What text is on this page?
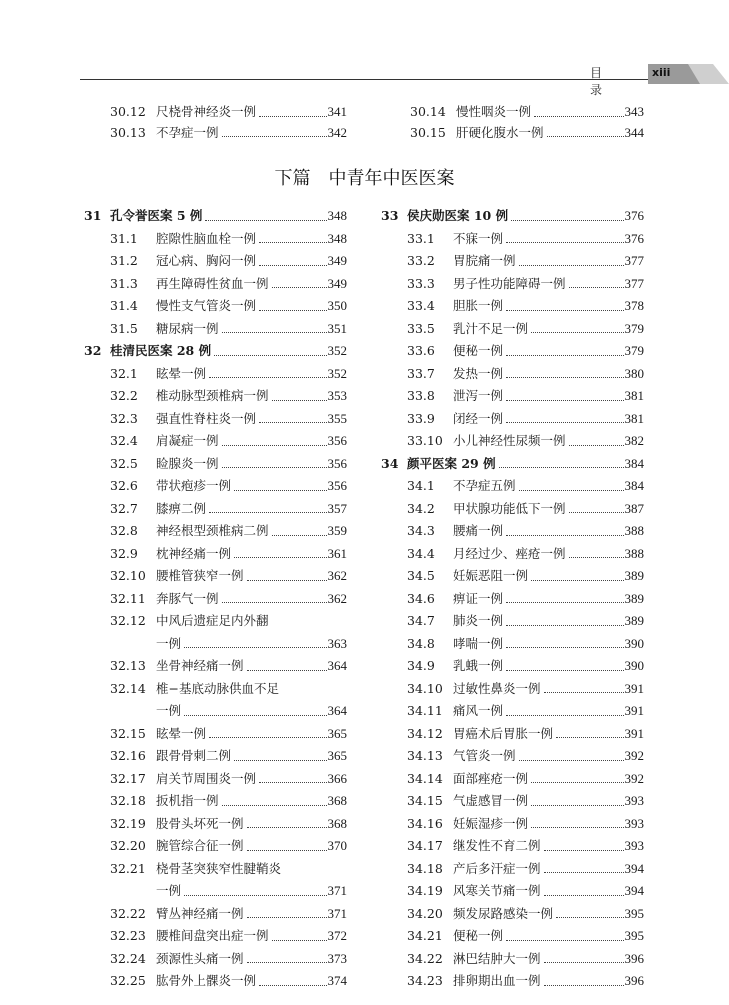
目 录
xiii
30.12 尺桡骨神经炎一例	341
30.13 不孕症一例	342
30.14 慢性咽炎一例	343
30.15 肝硬化腹水一例	344
下篇　中青年中医医案
31 孔令誉医案 5 例	348
31.1 腔隙性脑血栓一例	348
31.2 冠心病、胸闷一例	349
31.3 再生障碍性贫血一例	349
31.4 慢性支气管炎一例	350
31.5 糖尿病一例	351
32 桂清民医案 28 例	352
32.1 眩晕一例	352
32.2 椎动脉型颈椎病一例	353
32.3 强直性脊柱炎一例	355
32.4 肩凝症一例	356
32.5 睑腺炎一例	356
32.6 带状疱疹一例	356
32.7 膝痹二例	357
32.8 神经根型颈椎病二例	359
32.9 枕神经痛一例	361
32.10 腰椎管狭窄一例	362
32.11 奔豚气一例	362
32.12 中风后遗症足内外翻
一例	363
32.13 坐骨神经痛一例	364
32.14 椎−基底动脉供血不足
一例	364
32.15 眩晕一例	365
32.16 跟骨骨刺二例	365
32.17 肩关节周围炎一例	366
32.18 扳机指一例	368
32.19 股骨头坏死一例	368
32.20 腕管综合征一例	370
32.21 桡骨茎突狭窄性腱鞘炎
一例	371
32.22 臂丛神经痛一例	371
32.23 腰椎间盘突出症一例	372
32.24 颈源性头痛一例	373
32.25 肱骨外上髁炎一例	374
33 侯庆勋医案 10 例	376
33.1 不寐一例	376
33.2 胃脘痛一例	377
33.3 男子性功能障碍一例	377
33.4 胆胀一例	378
33.5 乳汁不足一例	379
33.6 便秘一例	379
33.7 发热一例	380
33.8 泄泻一例	381
33.9 闭经一例	381
33.10 小儿神经性尿频一例	382
34 颜平医案 29 例	384
34.1 不孕症五例	384
34.2 甲状腺功能低下一例	387
34.3 腰痛一例	388
34.4 月经过少、痤疮一例	388
34.5 妊娠恶阻一例	389
34.6 痹证一例	389
34.7 肺炎一例	389
34.8 哮喘一例	390
34.9 乳蛾一例	390
34.10 过敏性鼻炎一例	391
34.11 痛风一例	391
34.12 胃癌术后胃胀一例	391
34.13 气管炎一例	392
34.14 面部痤疮一例	392
34.15 气虚感冒一例	393
34.16 妊娠湿疹一例	393
34.17 继发性不育二例	393
34.18 产后多汗症一例	394
34.19 风寒关节痛一例	394
34.20 频发尿路感染一例	395
34.21 便秘一例	395
34.22 淋巴结肿大一例	396
34.23 排卵期出血一例	396
